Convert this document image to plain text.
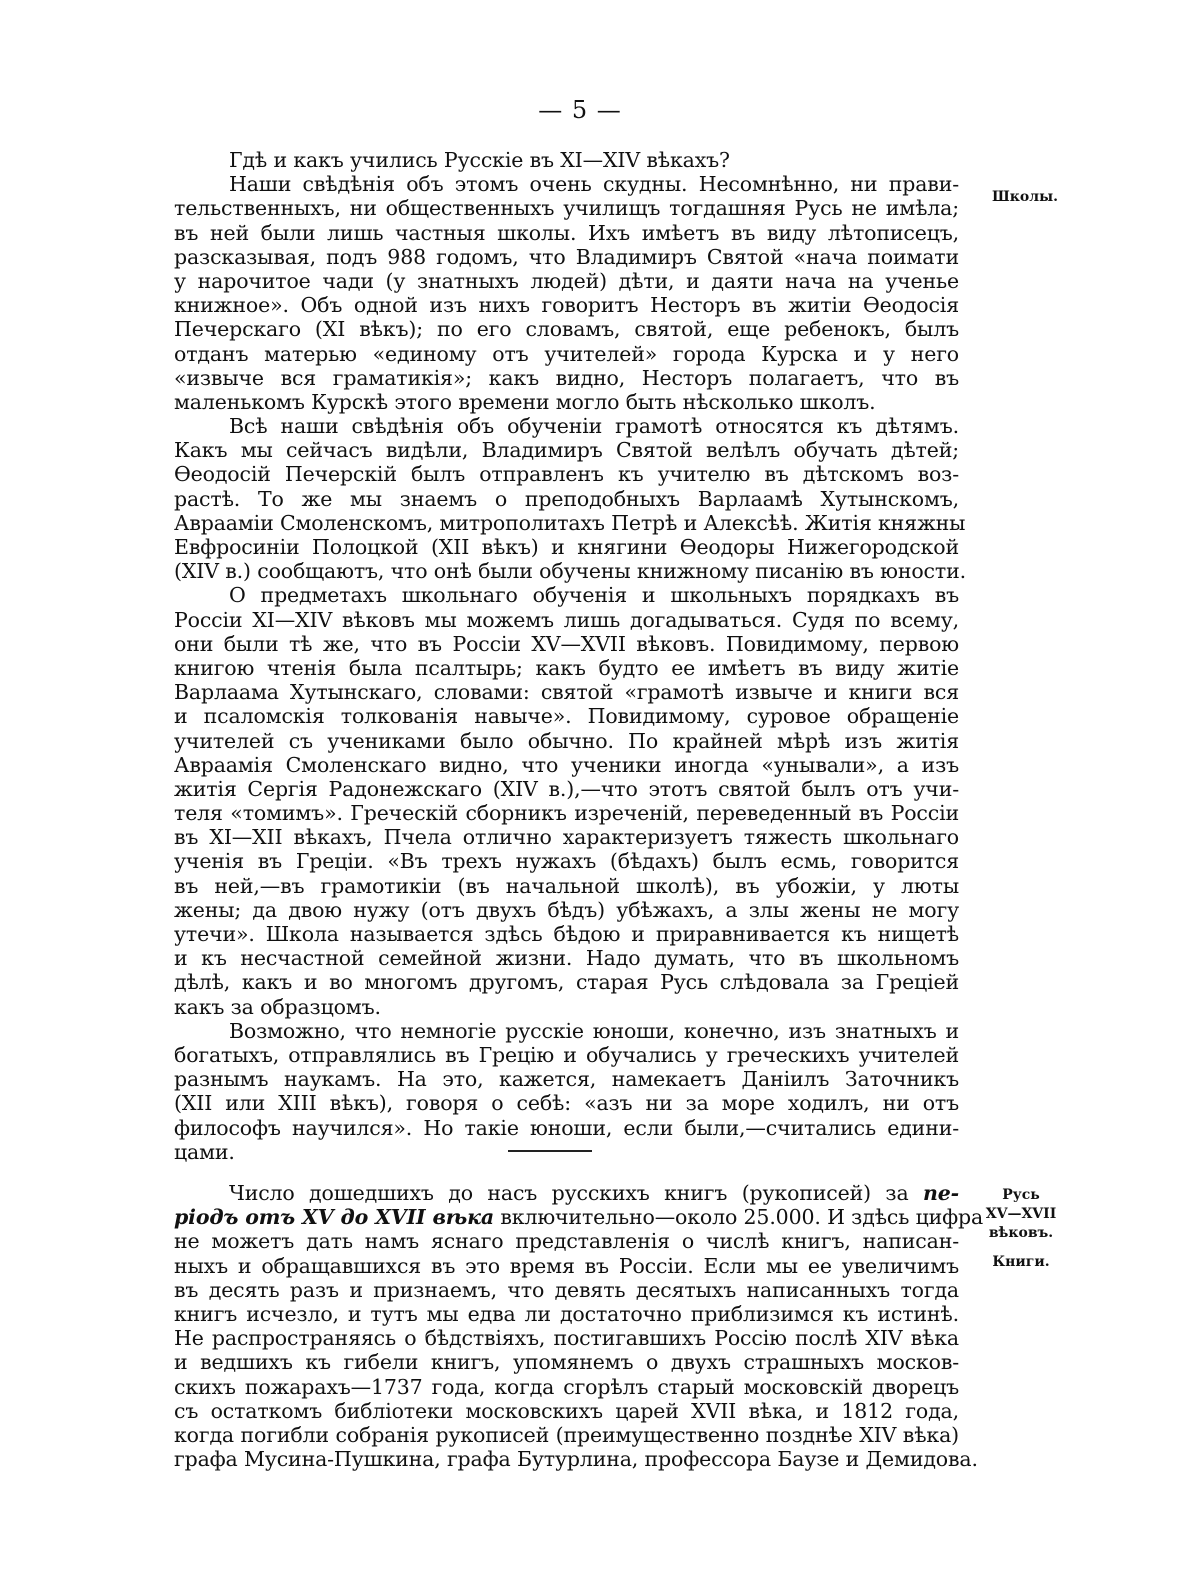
— 5 —
Школы.
Русь
XV—XVII
вѣковъ.
Книги.
Гдѣ и какъ учились Русскіе въ XI—XIV вѣкахъ?
Наши свѣдѣнія объ этомъ очень скудны. Несомнѣнно, ни прави-
тельственныхъ, ни общественныхъ училищъ тогдашняя Русь не имѣла;
въ ней были лишь частныя школы. Ихъ имѣетъ въ виду лѣтописецъ,
разсказывая, подъ 988 годомъ, что Владимиръ Святой «нача поимати
у нарочитое чади (у знатныхъ людей) дѣти, и даяти нача на ученье
книжное». Объ одной изъ нихъ говоритъ Несторъ въ житіи Ѳеодосія
Печерскаго (XI вѣкъ); по его словамъ, святой, еще ребенокъ, былъ
отданъ матерью «единому отъ учителей» города Курска и у него
«извыче вся граматикія»; какъ видно, Несторъ полагаетъ, что въ
маленькомъ Курскѣ этого времени могло быть нѣсколько школъ.
Всѣ наши свѣдѣнія объ обученіи грамотѣ относятся къ дѣтямъ.
Какъ мы сейчасъ видѣли, Владимиръ Святой велѣлъ обучать дѣтей;
Ѳеодосій Печерскій былъ отправленъ къ учителю въ дѣтскомъ воз-
растѣ. То же мы знаемъ о преподобныхъ Варлаамѣ Хутынскомъ,
Авраамiи Смоленскомъ, митрополитахъ Петрѣ и Алексѣѣ. Житія княжны
Евфросиніи Полоцкой (XII вѣкъ) и княгини Ѳеодоры Нижегородской
(XIV в.) сообщаютъ, что онѣ были обучены книжному писанію въ юности.
О предметахъ школьнаго обученія и школьныхъ порядкахъ въ
Россіи XI—XIV вѣковъ мы можемъ лишь догадываться. Судя по всему,
они были тѣ же, что въ Россіи XV—XVII вѣковъ. Повидимому, первою
книгою чтенія была псалтырь; какъ будто ее имѣетъ въ виду житіе
Варлаама Хутынскаго, словами: святой «грамотѣ извыче и книги вся
и псаломскія толкованія навыче». Повидимому, суровое обращеніе
учителей съ учениками было обычно. По крайней мѣрѣ изъ житія
Авраамія Смоленскаго видно, что ученики иногда «унывали», а изъ
житія Сергія Радонежскаго (XIV в.),—что этотъ святой былъ отъ учи-
теля «томимъ». Греческій сборникъ изреченій, переведенный въ Россіи
въ XI—XII вѣкахъ, Пчела отлично характеризуетъ тяжесть школьнаго
ученія въ Греціи. «Въ трехъ нужахъ (бѣдахъ) былъ есмь, говорится
въ ней,—въ грамотикіи (въ начальной школѣ), въ убожіи, у люты
жены; да двою нужу (отъ двухъ бѣдъ) убѣжахъ, а злы жены не могу
утечи». Школа называется здѣсь бѣдою и приравнивается къ нищетѣ
и къ несчастной семейной жизни. Надо думать, что въ школьномъ
дѣлѣ, какъ и во многомъ другомъ, старая Русь слѣдовала за Греціей
какъ за образцомъ.
Возможно, что немногіе русскіе юноши, конечно, изъ знатныхъ и
богатыхъ, отправлялись въ Грецію и обучались у греческихъ учителей
разнымъ наукамъ. На это, кажется, намекаетъ Даніилъ Заточникъ
(XII или XIII вѣкъ), говоря о себѣ: «азъ ни за море ходилъ, ни отъ
философъ научился». Но такіе юноши, если были,—считались едини-
цами.
Число дошедшихъ до насъ русскихъ книгъ (рукописей) за пе-
ріодъ отъ XV до XVII вѣка включительно—около 25.000. И здѣсь цифра
не можетъ дать намъ яснаго представленія о числѣ книгъ, написан-
ныхъ и обращавшихся въ это время въ Россіи. Если мы ее увеличимъ
въ десять разъ и признаемъ, что девять десятыхъ написанныхъ тогда
книгъ исчезло, и тутъ мы едва ли достаточно приблизимся къ истинѣ.
Не распространяясь о бѣдствіяхъ, постигавшихъ Россію послѣ XIV вѣка
и ведшихъ къ гибели книгъ, упомянемъ о двухъ страшныхъ москов-
скихъ пожарахъ—1737 года, когда сгорѣлъ старый московскій дворецъ
съ остаткомъ библіотеки московскихъ царей XVII вѣка, и 1812 года,
когда погибли собранія рукописей (преимущественно позднѣе XIV вѣка)
графа Мусина-Пушкина, графа Бутурлина, профессора Баузе и Демидова.
